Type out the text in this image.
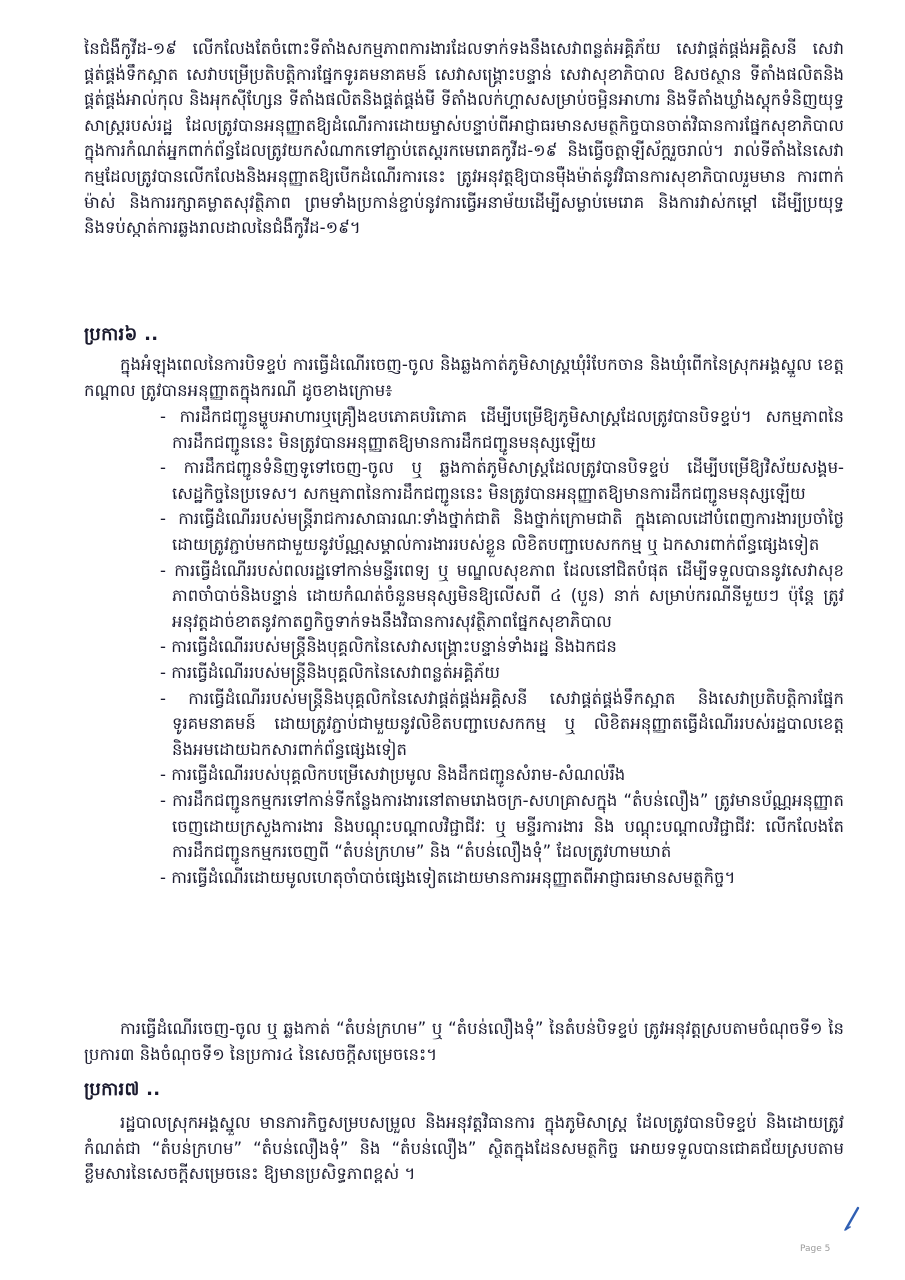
នៃជំងឺកូវីដ-១៩ លើកលែងតែចំពោះទីតាំងសកម្មភាពការងារដែលទាក់ទងនឹងសេវាពន្លត់អគ្គិភ័យ សេវាផ្គត់ផ្គង់អគ្គិសនី សេវាផ្គត់ផ្គង់ទឹកស្អាត សេវាបម្រើប្រតិបត្តិការផ្នែកទូរគមនាគមន៍ សេវាសង្គ្រោះបន្ទាន់ សេវាសុខាភិបាល ឱសថស្ថាន ទីតាំងផលិតនិងផ្គត់ផ្គង់អាល់កុល និងអុកស៊ីហ្សែន ទីតាំងផលិតនិងផ្គត់ផ្គង់មី ទីតាំងលក់ហ្គាសសម្រាប់ចម្អិនអាហារ និងទីតាំងឃ្លាំងស្តុកទំនិញយុទ្ធសាស្ត្ររបស់រដ្ឋ ដែលត្រូវបានអនុញ្ញាតឱ្យដំណើរការដោយម្ចាស់បន្ទាប់ពីអាជ្ញាធរមានសមត្ថកិច្ចបានចាត់វិធានការផ្នែកសុខាភិបាល ក្នុងការកំណត់អ្នកពាក់ព័ន្ធដែលត្រូវយកសំណាកទៅភ្ជាប់តេស្តរកមេរោគកូវីដ-១៩ និងធ្វើចត្តាឡីស័ក្តរួចរាល់។ រាល់ទីតាំងនៃសេវាកម្មដែលត្រូវបានលើកលែងនិងអនុញ្ញាតឱ្យបើកដំណើរការនេះ ត្រូវអនុវត្តឱ្យបានម៉ឺងម៉ាត់នូវវិធានការសុខាភិបាលរួមមាន ការពាក់ម៉ាស់ និងការរក្សាគម្លាតសុវត្ថិភាព ព្រមទាំងប្រកាន់ខ្ជាប់នូវការធ្វើអនាម័យដើម្បីសម្លាប់មេរោគ និងការវាស់កម្តៅ ដើម្បីប្រយុទ្ធ និងទប់ស្កាត់ការឆ្លងរាលដាលនៃជំងឺកូវីដ-១៩។

ប្រការ៦ ..

ក្នុងអំឡុងពេលនៃការបិទខ្ទប់ ការធ្វើដំណើរចេញ-ចូល និងឆ្លងកាត់ភូមិសាស្ត្រឃុំរំបែកចាន និងឃុំពើកនៃស្រុកអង្គស្នួល ខេត្តកណ្តាល ត្រូវបានអនុញ្ញាតក្នុងករណី ដូចខាងក្រោម៖

- ការដឹកជញ្ជូនម្ហូបអាហារឬគ្រឿងឧបភោគបរិភោគ ដើម្បីបម្រើឱ្យភូមិសាស្ត្រដែលត្រូវបានបិទខ្ទប់។ សកម្មភាពនៃការដឹកជញ្ជូននេះ មិនត្រូវបានអនុញ្ញាតឱ្យមានការដឹកជញ្ជូនមនុស្សឡើយ
- ការដឹកជញ្ជូនទំនិញទូទៅចេញ-ចូល ឬ ឆ្លងកាត់ភូមិសាស្ត្រដែលត្រូវបានបិទខ្ទប់ ដើម្បីបម្រើឱ្យវិស័យសង្គម-សេដ្ឋកិច្ចនៃប្រទេស។ សកម្មភាពនៃការដឹកជញ្ជូននេះ មិនត្រូវបានអនុញ្ញាតឱ្យមានការដឹកជញ្ជូនមនុស្សឡើយ
- ការធ្វើដំណើររបស់មន្ត្រីរាជការសាធារណៈទាំងថ្នាក់ជាតិ និងថ្នាក់ក្រោមជាតិ ក្នុងគោលដៅបំពេញការងារប្រចាំថ្ងៃ ដោយត្រូវភ្ជាប់មកជាមួយនូវប័ណ្ណសម្គាល់ការងាររបស់ខ្លួន លិខិតបញ្ជាបេសកកម្ម ឬ ឯកសារពាក់ព័ន្ធផ្សេងទៀត
- ការធ្វើដំណើររបស់ពលរដ្ឋទៅកាន់មន្ទីរពេទ្យ ឬ មណ្ឌលសុខភាព ដែលនៅជិតបំផុត ដើម្បីទទួលបាននូវសេវាសុខភាពចាំបាច់និងបន្ទាន់ ដោយកំណត់ចំនួនមនុស្សមិនឱ្យលើសពី ៤ (បួន) នាក់ សម្រាប់ករណីនីមួយៗ ប៉ុន្តែ ត្រូវអនុវត្តដាច់ខាតនូវកាតព្វកិច្ចទាក់ទងនឹងវិធានការសុវត្ថិភាពផ្នែកសុខាភិបាល
- ការធ្វើដំណើររបស់មន្ត្រីនិងបុគ្គលិកនៃសេវាសង្គ្រោះបន្ទាន់ទាំងរដ្ឋ និងឯកជន
- ការធ្វើដំណើររបស់មន្ត្រីនិងបុគ្គលិកនៃសេវាពន្លត់អគ្គិភ័យ
- ការធ្វើដំណើររបស់មន្ត្រីនិងបុគ្គលិកនៃសេវាផ្គត់ផ្គង់អគ្គិសនី សេវាផ្គត់ផ្គង់ទឹកស្អាត និងសេវាប្រតិបត្តិការផ្នែកទូរគមនាគមន៍ ដោយត្រូវភ្ជាប់ជាមួយនូវលិខិតបញ្ជាបេសកកម្ម ឬ លិខិតអនុញ្ញាតធ្វើដំណើររបស់រដ្ឋបាលខេត្ត និងអមដោយឯកសារពាក់ព័ន្ធផ្សេងទៀត
- ការធ្វើដំណើររបស់បុគ្គលិកបម្រើសេវាប្រមូល និងដឹកជញ្ជូនសំរាម-សំណល់រឹង
- ការដឹកជញ្ជូនកម្មករទៅកាន់ទីកន្លែងការងារនៅតាមរោងចក្រ-សហគ្រាសក្នុង “តំបន់លឿង” ត្រូវមានប័ណ្ណអនុញ្ញាតចេញដោយក្រសួងការងារ និងបណ្តុះបណ្តាលវិជ្ជាជីវៈ ឬ មន្ទីរការងារ និង បណ្តុះបណ្តាលវិជ្ជាជីវៈ លើកលែងតែការដឹកជញ្ជូនកម្មករចេញពី “តំបន់ក្រហម” និង “តំបន់លឿងទុំ” ដែលត្រូវហាមឃាត់
- ការធ្វើដំណើរដោយមូលហេតុចាំបាច់ផ្សេងទៀតដោយមានការអនុញ្ញាតពីអាជ្ញាធរមានសមត្ថកិច្ច។

ការធ្វើដំណើរចេញ-ចូល ឬ ឆ្លងកាត់ “តំបន់ក្រហម” ឬ “តំបន់លឿងទុំ” នៃតំបន់បិទខ្ទប់ ត្រូវអនុវត្តស្របតាមចំណុចទី១ នៃប្រការ៣ និងចំណុចទី១ នៃប្រការ៤ នៃសេចក្តីសម្រេចនេះ។

ប្រការ៧ ..

រដ្ឋបាលស្រុកអង្គស្នួល មានភារកិច្ចសម្របសម្រួល និងអនុវត្តវិធានការ ក្នុងភូមិសាស្ត្រ ដែលត្រូវបានបិទខ្ទប់ និងដោយត្រូវកំណត់ជា “តំបន់ក្រហម” “តំបន់លឿងទុំ” និង “តំបន់លឿង” ស្ថិតក្នុងដែនសមត្ថកិច្ច អោយទទួលបានជោគជ័យស្របតាមខ្លឹមសារនៃសេចក្តីសម្រេចនេះ ឱ្យមានប្រសិទ្ធភាពខ្ពស់ ។

Page 5
